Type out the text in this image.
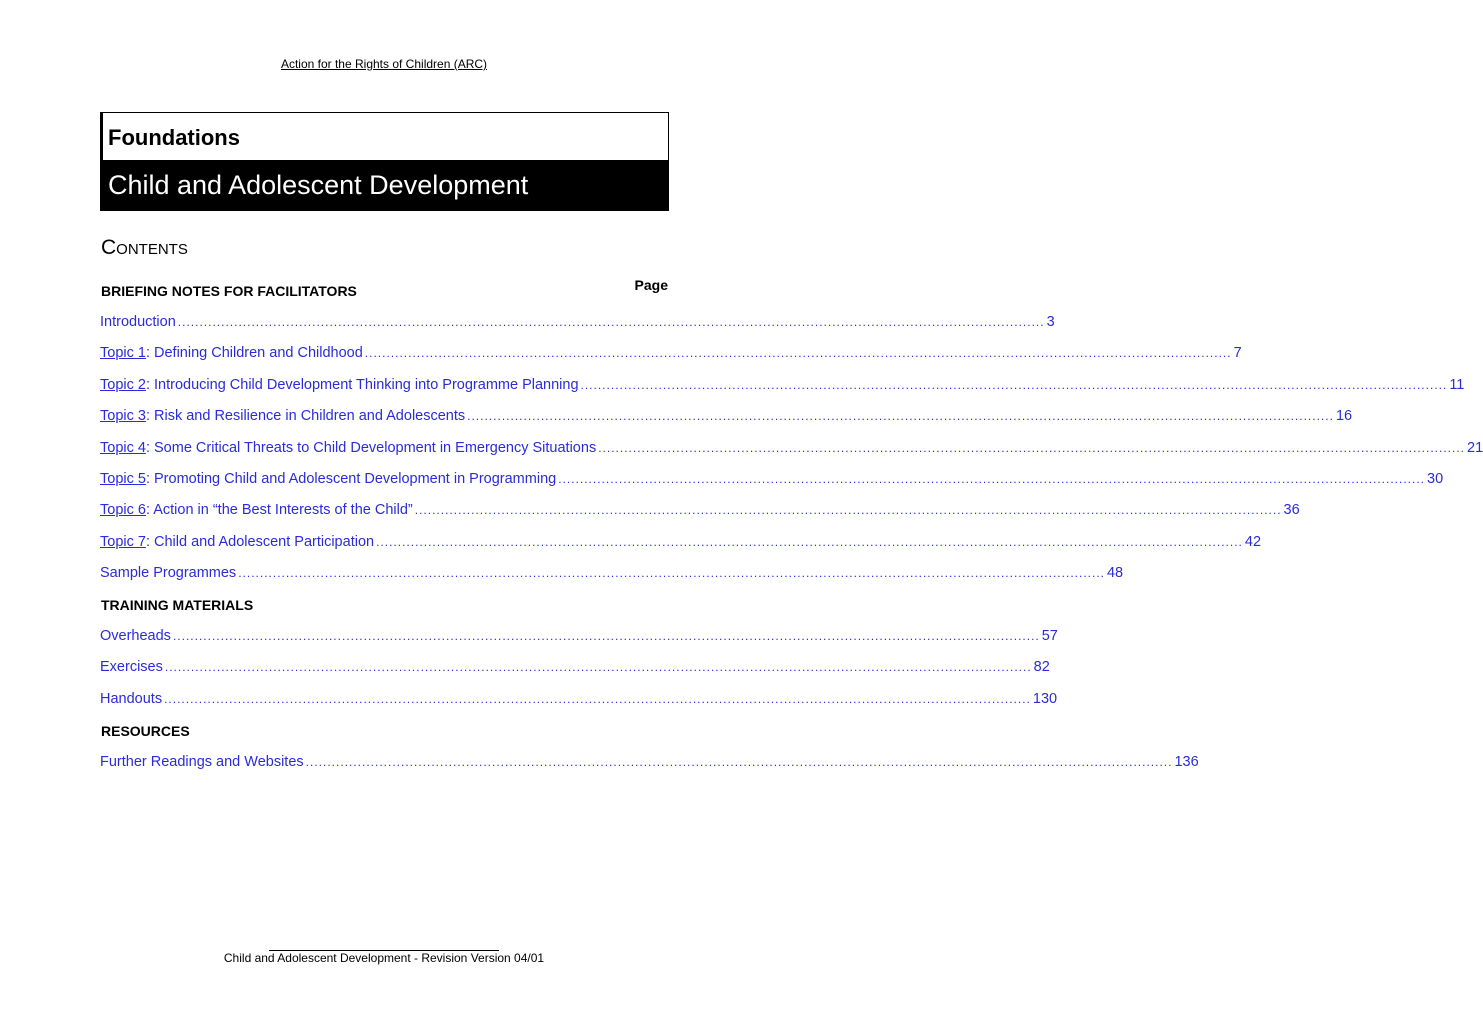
Action for the Rights of Children (ARC)
Foundations
Child and Adolescent Development
Contents
Page
BRIEFING NOTES FOR FACILITATORS
Introduction ........................................................................................................................................................................................................ 3
Topic 1: Defining Children and Childhood ........................................................................................................................................................................................................ 7
Topic 2: Introducing Child Development Thinking into Programme Planning ........................................................................................................................................................................................................ 11
Topic 3: Risk and Resilience in Children and Adolescents ........................................................................................................................................................................................................ 16
Topic 4: Some Critical Threats to Child Development in Emergency Situations ........................................................................................................................................................................................................ 21
Topic 5: Promoting Child and Adolescent Development in Programming ........................................................................................................................................................................................................ 30
Topic 6: Action in “the Best Interests of the Child” ........................................................................................................................................................................................................ 36
Topic 7: Child and Adolescent Participation ........................................................................................................................................................................................................ 42
Sample Programmes ........................................................................................................................................................................................................ 48
TRAINING MATERIALS
Overheads ........................................................................................................................................................................................................ 57
Exercises ........................................................................................................................................................................................................ 82
Handouts ........................................................................................................................................................................................................ 130
RESOURCES
Further Readings and Websites ........................................................................................................................................................................................................ 136
Child and Adolescent Development - Revision Version 04/01
